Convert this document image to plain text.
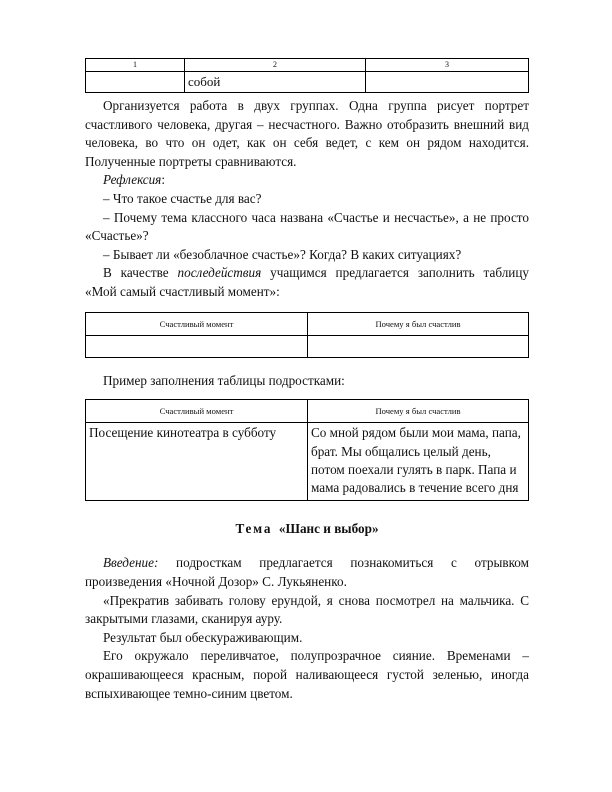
1	2	3
	собой	

Организуется работа в двух группах. Одна группа рисует портрет счастливого человека, другая – несчастного. Важно отобразить внешний вид человека, во что он одет, как он себя ведет, с кем он рядом находится. Полученные портреты сравниваются.

Рефлексия:

– Что такое счастье для вас?

– Почему тема классного часа названа «Счастье и несчастье», а не просто «Счастье»?

– Бывает ли «безоблачное счастье»? Когда? В каких ситуациях?

В качестве последействия учащимся предлагается заполнить таблицу «Мой самый счастливый момент»:

Счастливый момент	Почему я был счастлив

Пример заполнения таблицы подростками:

Счастливый момент	Почему я был счастлив
Посещение кинотеатра в субботу	Со мной рядом были мои мама, папа, брат. Мы общались целый день, потом поехали гулять в парк. Папа и мама радовались в течение всего дня

Тема «Шанс и выбор»

Введение: подросткам предлагается познакомиться с отрывком произведения «Ночной Дозор» С. Лукьяненко.

«Прекратив забивать голову ерундой, я снова посмотрел на мальчика. С закрытыми глазами, сканируя ауру.

Результат был обескураживающим.

Его окружало переливчатое, полупрозрачное сияние. Временами – окрашивающееся красным, порой наливающееся густой зеленью, иногда вспыхивающее темно-синим цветом.
